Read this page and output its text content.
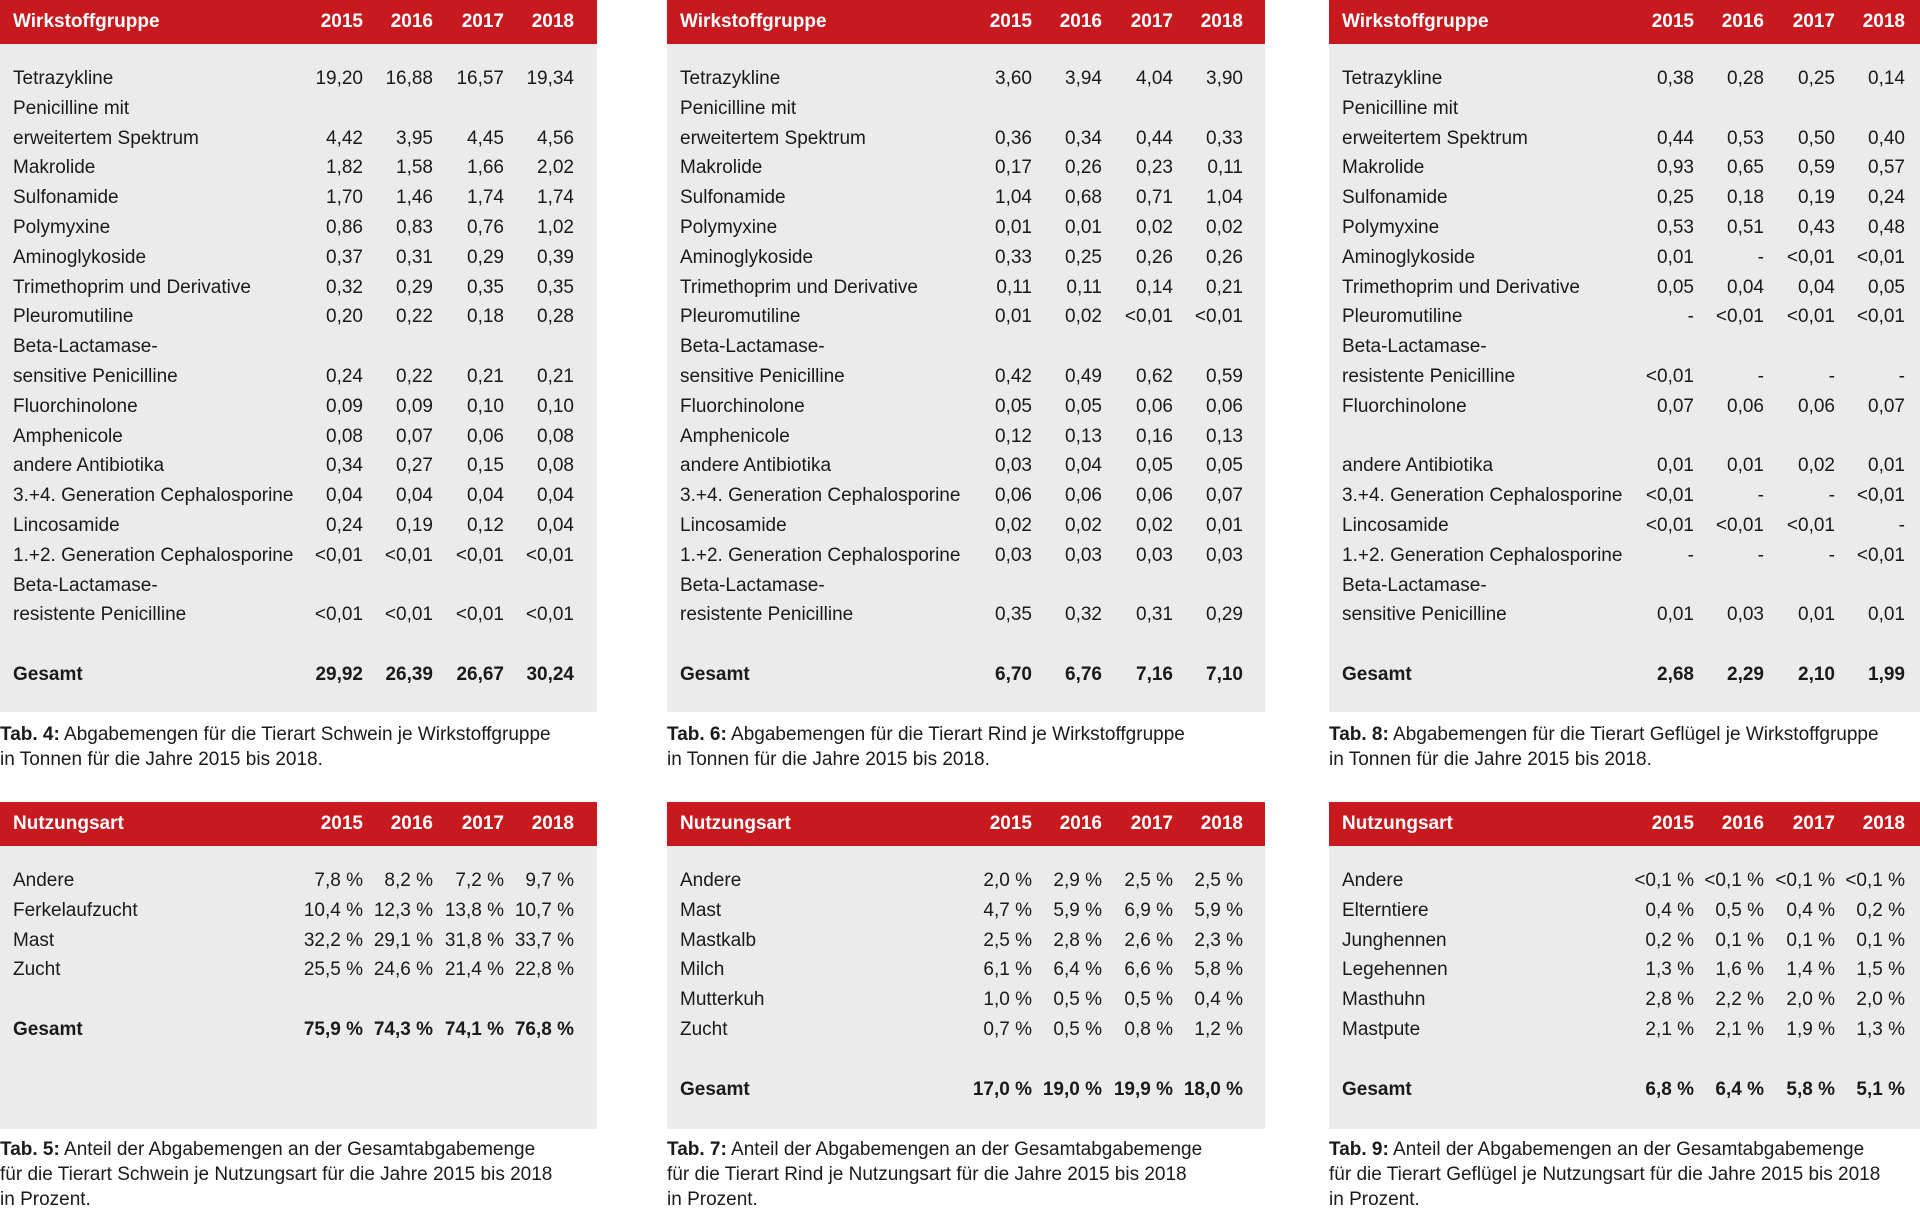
Wirkstoffgruppe	2015	2016	2017	2018
Tetrazykline	19,20	16,88	16,57	19,34
Penicilline mit
erweitertem Spektrum	4,42	3,95	4,45	4,56
Makrolide	1,82	1,58	1,66	2,02
Sulfonamide	1,70	1,46	1,74	1,74
Polymyxine	0,86	0,83	0,76	1,02
Aminoglykoside	0,37	0,31	0,29	0,39
Trimethoprim und Derivative	0,32	0,29	0,35	0,35
Pleuromutiline	0,20	0,22	0,18	0,28
Beta-Lactamase-
sensitive Penicilline	0,24	0,22	0,21	0,21
Fluorchinolone	0,09	0,09	0,10	0,10
Amphenicole	0,08	0,07	0,06	0,08
andere Antibiotika	0,34	0,27	0,15	0,08
3.+4. Generation Cephalosporine	0,04	0,04	0,04	0,04
Lincosamide	0,24	0,19	0,12	0,04
1.+2. Generation Cephalosporine	<0,01	<0,01	<0,01	<0,01
Beta-Lactamase-
resistente Penicilline	<0,01	<0,01	<0,01	<0,01
Gesamt	29,92	26,39	26,67	30,24
Tab. 4: Abgabemengen für die Tierart Schwein je Wirkstoffgruppe
in Tonnen für die Jahre 2015 bis 2018.
Wirkstoffgruppe	2015	2016	2017	2018
Tetrazykline	3,60	3,94	4,04	3,90
Penicilline mit
erweitertem Spektrum	0,36	0,34	0,44	0,33
Makrolide	0,17	0,26	0,23	0,11
Sulfonamide	1,04	0,68	0,71	1,04
Polymyxine	0,01	0,01	0,02	0,02
Aminoglykoside	0,33	0,25	0,26	0,26
Trimethoprim und Derivative	0,11	0,11	0,14	0,21
Pleuromutiline	0,01	0,02	<0,01	<0,01
Beta-Lactamase-
sensitive Penicilline	0,42	0,49	0,62	0,59
Fluorchinolone	0,05	0,05	0,06	0,06
Amphenicole	0,12	0,13	0,16	0,13
andere Antibiotika	0,03	0,04	0,05	0,05
3.+4. Generation Cephalosporine	0,06	0,06	0,06	0,07
Lincosamide	0,02	0,02	0,02	0,01
1.+2. Generation Cephalosporine	0,03	0,03	0,03	0,03
Beta-Lactamase-
resistente Penicilline	0,35	0,32	0,31	0,29
Gesamt	6,70	6,76	7,16	7,10
Tab. 6: Abgabemengen für die Tierart Rind je Wirkstoffgruppe
in Tonnen für die Jahre 2015 bis 2018.
Wirkstoffgruppe	2015	2016	2017	2018
Tetrazykline	0,38	0,28	0,25	0,14
Penicilline mit
erweitertem Spektrum	0,44	0,53	0,50	0,40
Makrolide	0,93	0,65	0,59	0,57
Sulfonamide	0,25	0,18	0,19	0,24
Polymyxine	0,53	0,51	0,43	0,48
Aminoglykoside	0,01	-	<0,01	<0,01
Trimethoprim und Derivative	0,05	0,04	0,04	0,05
Pleuromutiline	-	<0,01	<0,01	<0,01
Beta-Lactamase-
resistente Penicilline	<0,01	-	-	-
Fluorchinolone	0,07	0,06	0,06	0,07
andere Antibiotika	0,01	0,01	0,02	0,01
3.+4. Generation Cephalosporine	<0,01	-	-	<0,01
Lincosamide	<0,01	<0,01	<0,01	-
1.+2. Generation Cephalosporine	-	-	-	<0,01
Beta-Lactamase-
sensitive Penicilline	0,01	0,03	0,01	0,01
Gesamt	2,68	2,29	2,10	1,99
Tab. 8: Abgabemengen für die Tierart Geflügel je Wirkstoffgruppe
in Tonnen für die Jahre 2015 bis 2018.
Nutzungsart	2015	2016	2017	2018
Andere	7,8 %	8,2 %	7,2 %	9,7 %
Ferkelaufzucht	10,4 % 12,3 % 13,8 % 10,7 %
Mast	32,2 % 29,1 % 31,8 % 33,7 %
Zucht	25,5 % 24,6 % 21,4 % 22,8 %
Gesamt	75,9 % 74,3 % 74,1 % 76,8 %
Tab. 5: Anteil der Abgabemengen an der Gesamtabgabemenge
für die Tierart Schwein je Nutzungsart für die Jahre 2015 bis 2018
in Prozent.
Nutzungsart	2015	2016	2017	2018
Andere	2,0 %	2,9 %	2,5 %	2,5 %
Mast	4,7 %	5,9 %	6,9 %	5,9 %
Mastkalb	2,5 %	2,8 %	2,6 %	2,3 %
Milch	6,1 %	6,4 %	6,6 %	5,8 %
Mutterkuh	1,0 %	0,5 %	0,5 %	0,4 %
Zucht	0,7 %	0,5 %	0,8 %	1,2 %
Gesamt	17,0 % 19,0 % 19,9 % 18,0 %
Tab. 7: Anteil der Abgabemengen an der Gesamtabgabemenge
für die Tierart Rind je Nutzungsart für die Jahre 2015 bis 2018
in Prozent.
Nutzungsart	2015	2016	2017	2018
Andere	<0,1 % <0,1 % <0,1 % <0,1 %
Elterntiere	0,4 %	0,5 %	0,4 %	0,2 %
Junghennen	0,2 %	0,1 %	0,1 %	0,1 %
Legehennen	1,3 %	1,6 %	1,4 %	1,5 %
Masthuhn	2,8 %	2,2 %	2,0 %	2,0 %
Mastpute	2,1 %	2,1 %	1,9 %	1,3 %
Gesamt	6,8 %	6,4 %	5,8 %	5,1 %
Tab. 9: Anteil der Abgabemengen an der Gesamtabgabemenge
für die Tierart Geflügel je Nutzungsart für die Jahre 2015 bis 2018
in Prozent.
